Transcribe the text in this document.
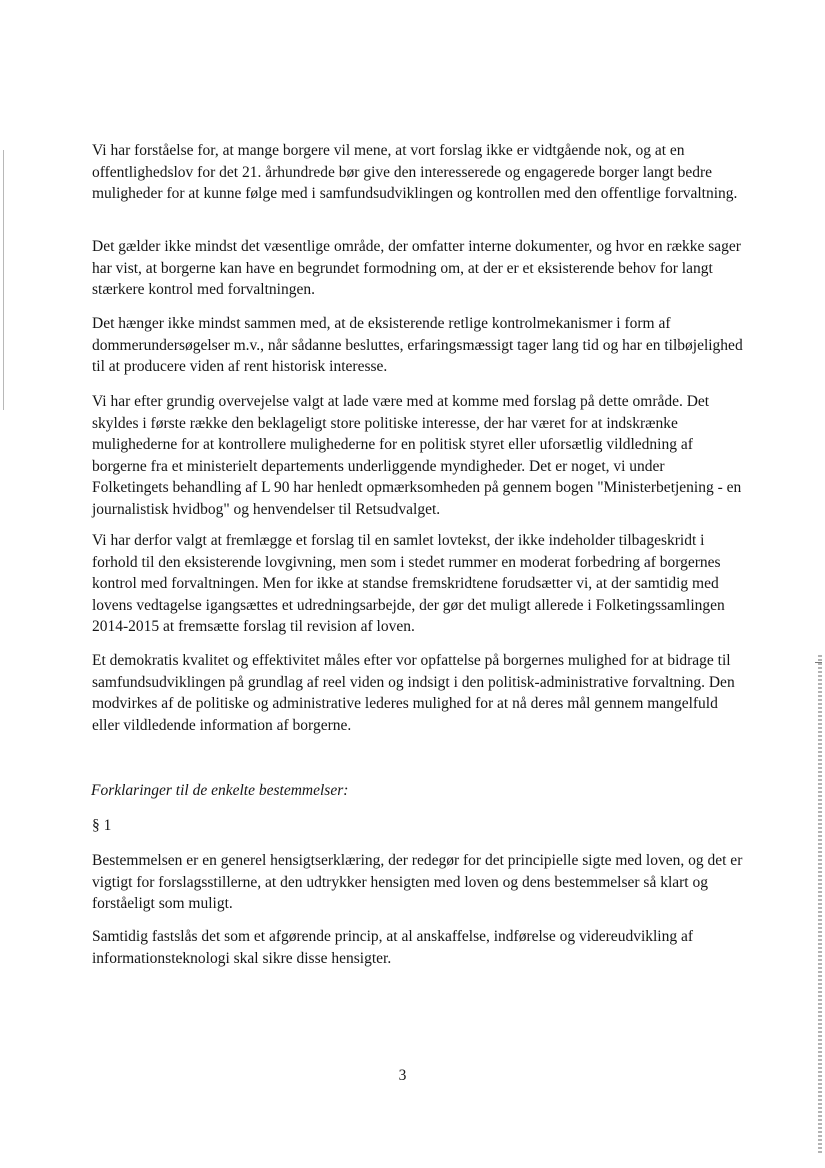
Vi har forståelse for, at mange borgere vil mene, at vort forslag ikke er vidtgående nok, og at en offentlighedslov for det 21. århundrede bør give den interesserede og engagerede borger langt bedre muligheder for at kunne følge med i samfundsudviklingen og kontrollen med den offentlige forvaltning.

Det gælder ikke mindst det væsentlige område, der omfatter interne dokumenter, og hvor en række sager har vist, at borgerne kan have en begrundet formodning om, at der er et eksisterende behov for langt stærkere kontrol med forvaltningen.

Det hænger ikke mindst sammen med, at de eksisterende retlige kontrolmekanismer i form af dommerundersøgelser m.v., når sådanne besluttes, erfaringsmæssigt tager lang tid og har en tilbøjelighed til at producere viden af rent historisk interesse.

Vi har efter grundig overvejelse valgt at lade være med at komme med forslag på dette område. Det skyldes i første række den beklageligt store politiske interesse, der har været for at indskrænke mulighederne for at kontrollere mulighederne for en politisk styret eller uforsætlig vildledning af borgerne fra et ministerielt departements underliggende myndigheder. Det er noget, vi under Folketingets behandling af L 90 har henledt opmærksomheden på gennem bogen "Ministerbetjening - en journalistisk hvidbog" og henvendelser til Retsudvalget.

Vi har derfor valgt at fremlægge et forslag til en samlet lovtekst, der ikke indeholder tilbageskridt i forhold til den eksisterende lovgivning, men som i stedet rummer en moderat forbedring af borgernes kontrol med forvaltningen. Men for ikke at standse fremskridtene forudsætter vi, at der samtidig med lovens vedtagelse igangsættes et udredningsarbejde, der gør det muligt allerede i Folketingssamlingen 2014-2015 at fremsætte forslag til revision af loven.

Et demokratis kvalitet og effektivitet måles efter vor opfattelse på borgernes mulighed for at bidrage til samfundsudviklingen på grundlag af reel viden og indsigt i den politisk-administrative forvaltning. Den modvirkes af de politiske og administrative lederes mulighed for at nå deres mål gennem mangelfuld eller vildledende information af borgerne.

Forklaringer til de enkelte bestemmelser:

§ 1

Bestemmelsen er en generel hensigtserklæring, der redegør for det principielle sigte med loven, og det er vigtigt for forslagsstillerne, at den udtrykker hensigten med loven og dens bestemmelser så klart og forståeligt som muligt.

Samtidig fastslås det som et afgørende princip, at al anskaffelse, indførelse og videreudvikling af informationsteknologi skal sikre disse hensigter.

3
